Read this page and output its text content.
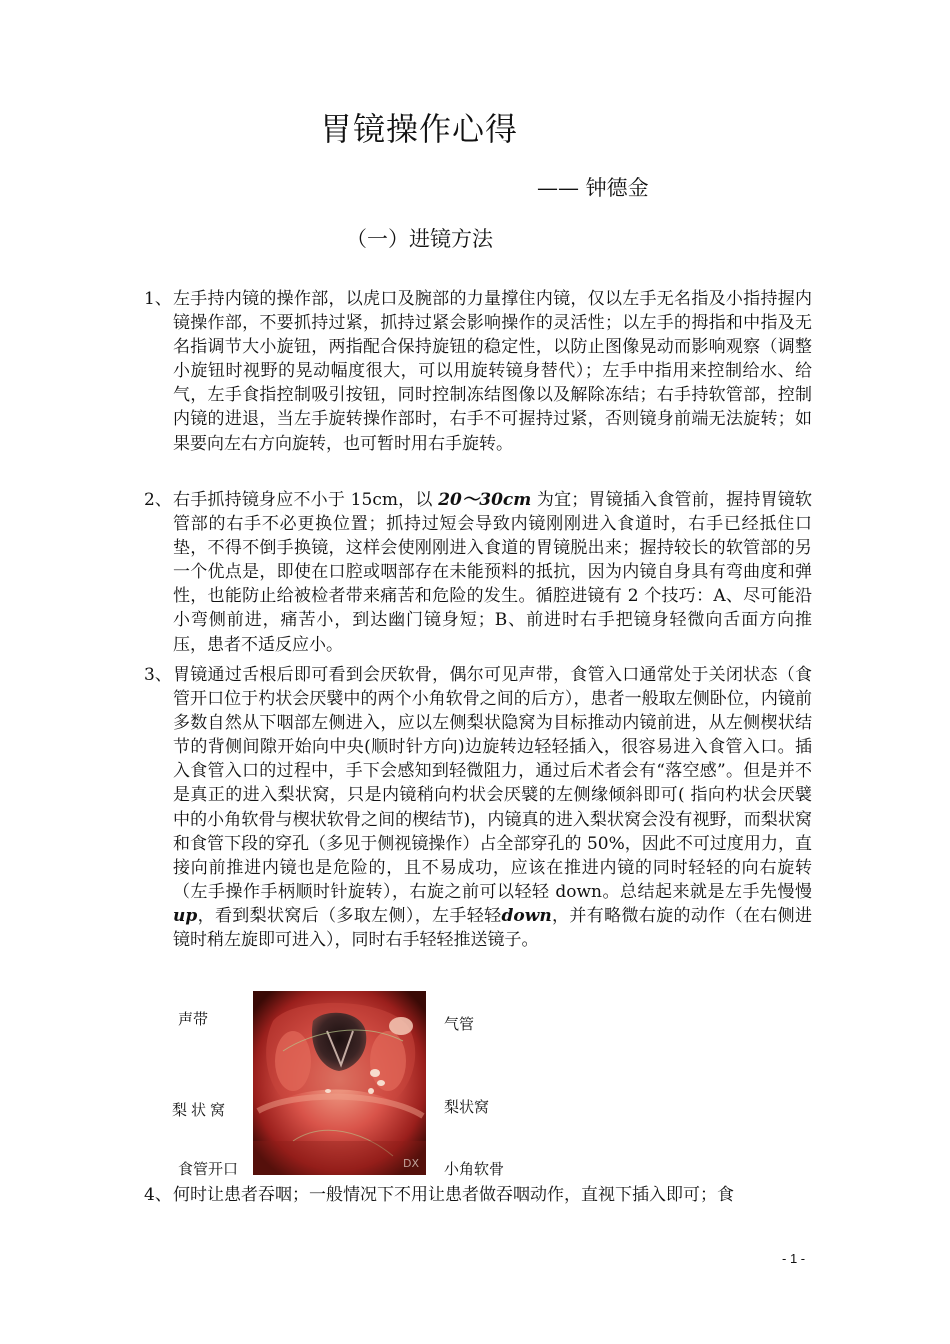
胃镜操作心得
—— 钟德金
（一）进镜方法
1、 左手持内镜的操作部，以虎口及腕部的力量撑住内镜，仅以左手无名指及小指持握内镜操作部，不要抓持过紧，抓持过紧会影响操作的灵活性；以左手的拇指和中指及无名指调节大小旋钮，两指配合保持旋钮的稳定性，以防止图像晃动而影响观察（调整小旋钮时视野的晃动幅度很大，可以用旋转镜身替代）；左手中指用来控制给水、给气，左手食指控制吸引按钮，同时控制冻结图像以及解除冻结；右手持软管部，控制内镜的进退，当左手旋转操作部时，右手不可握持过紧，否则镜身前端无法旋转；如果要向左右方向旋转，也可暂时用右手旋转。
2、 右手抓持镜身应不小于 15cm，以 20～30cm 为宜；胃镜插入食管前，握持胃镜软管部的右手不必更换位置；抓持过短会导致内镜刚刚进入食道时，右手已经抵住口垫，不得不倒手换镜，这样会使刚刚进入食道的胃镜脱出来；握持较长的软管部的另一个优点是，即使在口腔或咽部存在未能预料的抵抗，因为内镜自身具有弯曲度和弹性，也能防止给被检者带来痛苦和危险的发生。循腔进镜有 2 个技巧：A、尽可能沿小弯侧前进，痛苦小，到达幽门镜身短；B、前进时右手把镜身轻微向舌面方向推压，患者不适反应小。
3、 胃镜通过舌根后即可看到会厌软骨，偶尔可见声带，食管入口通常处于关闭状态（食管开口位于杓状会厌襞中的两个小角软骨之间的后方），患者一般取左侧卧位，内镜前多数自然从下咽部左侧进入，应以左侧梨状隐窝为目标推动内镜前进，从左侧楔状结节的背侧间隙开始向中央(顺时针方向)边旋转边轻轻插入，很容易进入食管入口。插入食管入口的过程中，手下会感知到轻微阻力，通过后术者会有“落空感”。但是并不是真正的进入梨状窝，只是内镜稍向杓状会厌襞的左侧缘倾斜即可( 指向杓状会厌襞中的小角软骨与楔状软骨之间的楔结节)，内镜真的进入梨状窝会没有视野，而梨状窝和食管下段的穿孔（多见于侧视镜操作）占全部穿孔的 50%，因此不可过度用力，直接向前推进内镜也是危险的，且不易成功，应该在推进内镜的同时轻轻的向右旋转（左手操作手柄顺时针旋转），右旋之前可以轻轻 down。总结起来就是左手先慢慢up，看到梨状窝后（多取左侧），左手轻轻down，并有略微右旋的动作（在右侧进镜时稍左旋即可进入），同时右手轻轻推送镜子。
DX
声带	气管
梨状窝	梨状窝
食管开口	小角软骨
4、 何时让患者吞咽；一般情况下不用让患者做吞咽动作，直视下插入即可；食
- 1 -
